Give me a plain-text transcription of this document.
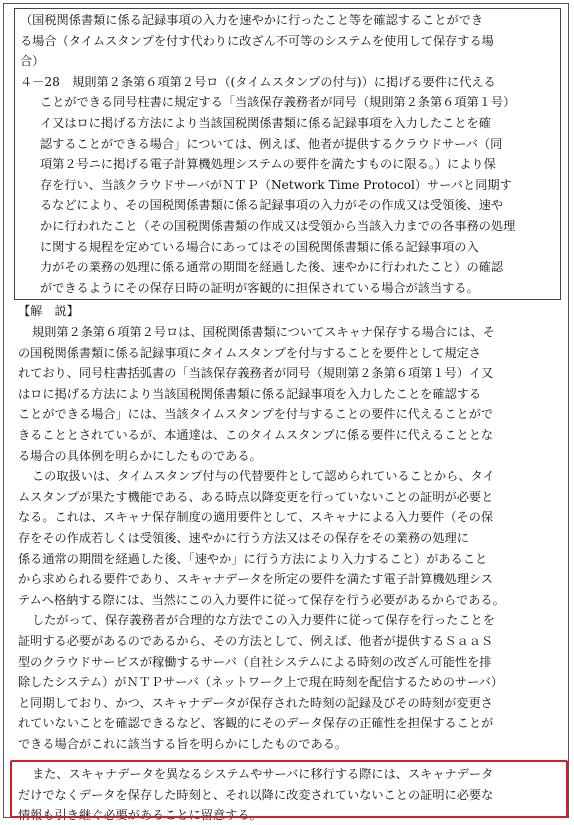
（国税関係書類に係る記録事項の入力を速やかに行ったこと等を確認することができ
る場合（タイムスタンプを付す代わりに改ざん不可等のシステムを使用して保存する場
合）
４－28　規則第２条第６項第２号ロ（(タイムスタンプの付与)）に掲げる要件に代える
ことができる同号柱書に規定する「当該保存義務者が同号（規則第２条第６項第１号）
イ又はロに掲げる方法により当該国税関係書類に係る記録事項を入力したことを確
認することができる場合」については、例えば、他者が提供するクラウドサーバ（同
項第２号ニに掲げる電子計算機処理システムの要件を満たすものに限る。）により保
存を行い、当該クラウドサーバがＮＴＰ（Network Time Protocol）サーバと同期す
るなどにより、その国税関係書類に係る記録事項の入力がその作成又は受領後、速や
かに行われたこと（その国税関係書類の作成又は受領から当該入力までの各事務の処理
に関する規程を定めている場合にあってはその国税関係書類に係る記録事項の入
力がその業務の処理に係る通常の期間を経過した後、速やかに行われたこと）の確認
ができるようにその保存日時の証明が客観的に担保されている場合が該当する。
【解　説】
規則第２条第６項第２号ロは、国税関係書類についてスキャナ保存する場合には、そ
の国税関係書類に係る記録事項にタイムスタンプを付与することを要件として規定さ
れており、同号柱書括弧書の「当該保存義務者が同号（規則第２条第６項第１号）イ又
はロに掲げる方法により当該国税関係書類に係る記録事項を入力したことを確認する
ことができる場合」には、当該タイムスタンプを付与することの要件に代えることがで
きることとされているが、本通達は、このタイムスタンプに係る要件に代えることとな
る場合の具体例を明らかにしたものである。
この取扱いは、タイムスタンプ付与の代替要件として認められていることから、タイ
ムスタンプが果たす機能である、ある時点以降変更を行っていないことの証明が必要と
なる。これは、スキャナ保存制度の適用要件として、スキャナによる入力要件（その保
存をその作成若しくは受領後、速やかに行う方法又はその保存をその業務の処理に
係る通常の期間を経過した後、「速やか」に行う方法により入力すること）があること
から求められる要件であり、スキャナデータを所定の要件を満たす電子計算機処理シス
テムへ格納する際には、当然にこの入力要件に従って保存を行う必要があるからである。
したがって、保存義務者が合理的な方法でこの入力要件に従って保存を行ったことを
証明する必要があるのであるから、その方法として、例えば、他者が提供するＳａａＳ
型のクラウドサービスが稼働するサーバ（自社システムによる時刻の改ざん可能性を排
除したシステム）がＮＴＰサーバ（ネットワーク上で現在時刻を配信するためのサーバ）
と同期しており、かつ、スキャナデータが保存された時刻の記録及びその時刻が変更さ
れていないことを確認できるなど、客観的にそのデータ保存の正確性を担保することが
できる場合がこれに該当する旨を明らかにしたものである。
また、スキャナデータを異なるシステムやサーバに移行する際には、スキャナデータ
だけでなくデータを保存した時刻と、それ以降に改変されていないことの証明に必要な
情報も引き継ぐ必要があることに留意する。
